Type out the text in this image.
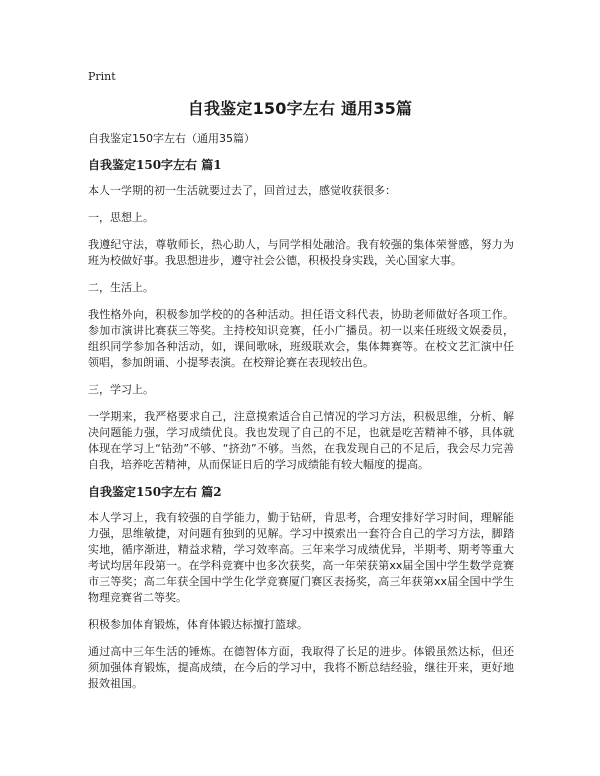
Print
自我鉴定150字左右 通用35篇
自我鉴定150字左右（通用35篇）
自我鉴定150字左右 篇1
本人一学期的初一生活就要过去了，回首过去，感觉收获很多：
一，思想上。
我遵纪守法，尊敬师长，热心助人，与同学相处融洽。我有较强的集体荣誉感，努力为班为校做好事。我思想进步，遵守社会公德，积极投身实践，关心国家大事。
二，生活上。
我性格外向，积极参加学校的的各种活动。担任语文科代表，协助老师做好各项工作。参加市演讲比赛获三等奖。主持校知识竞赛，任小广播员。初一以来任班级文娱委员，组织同学参加各种活动，如，课间歌咏，班级联欢会，集体舞赛等。在校文艺汇演中任领唱，参加朗诵、小提琴表演。在校辩论赛在表现较出色。
三，学习上。
一学期来，我严格要求自己，注意摸索适合自己情况的学习方法，积极思维，分析、解决问题能力强，学习成绩优良。我也发现了自己的不足，也就是吃苦精神不够，具体就体现在学习上“钻劲”不够、“挤劲”不够。当然，在我发现自己的不足后，我会尽力完善自我，培养吃苦精神，从而保证日后的学习成绩能有较大幅度的提高。
自我鉴定150字左右 篇2
本人学习上，我有较强的自学能力，勤于钻研，肯思考，合理安排好学习时间，理解能力强，思维敏捷，对问题有独到的见解。学习中摸索出一套符合自己的学习方法，脚踏实地，循序渐进，精益求精，学习效率高。三年来学习成绩优异，半期考、期考等重大考试均居年段第一。在学科竞赛中也多次获奖，高一年荣获第xx届全国中学生数学竞赛市三等奖；高二年获全国中学生化学竞赛厦门赛区表扬奖，高三年获第xx届全国中学生物理竞赛省二等奖。
积极参加体育锻炼，体育体锻达标擅打篮球。
通过高中三年生活的锤炼。在德智体方面，我取得了长足的进步。体锻虽然达标，但还须加强体育锻炼，提高成绩，在今后的学习中，我将不断总结经验，继往开来，更好地报效祖国。
